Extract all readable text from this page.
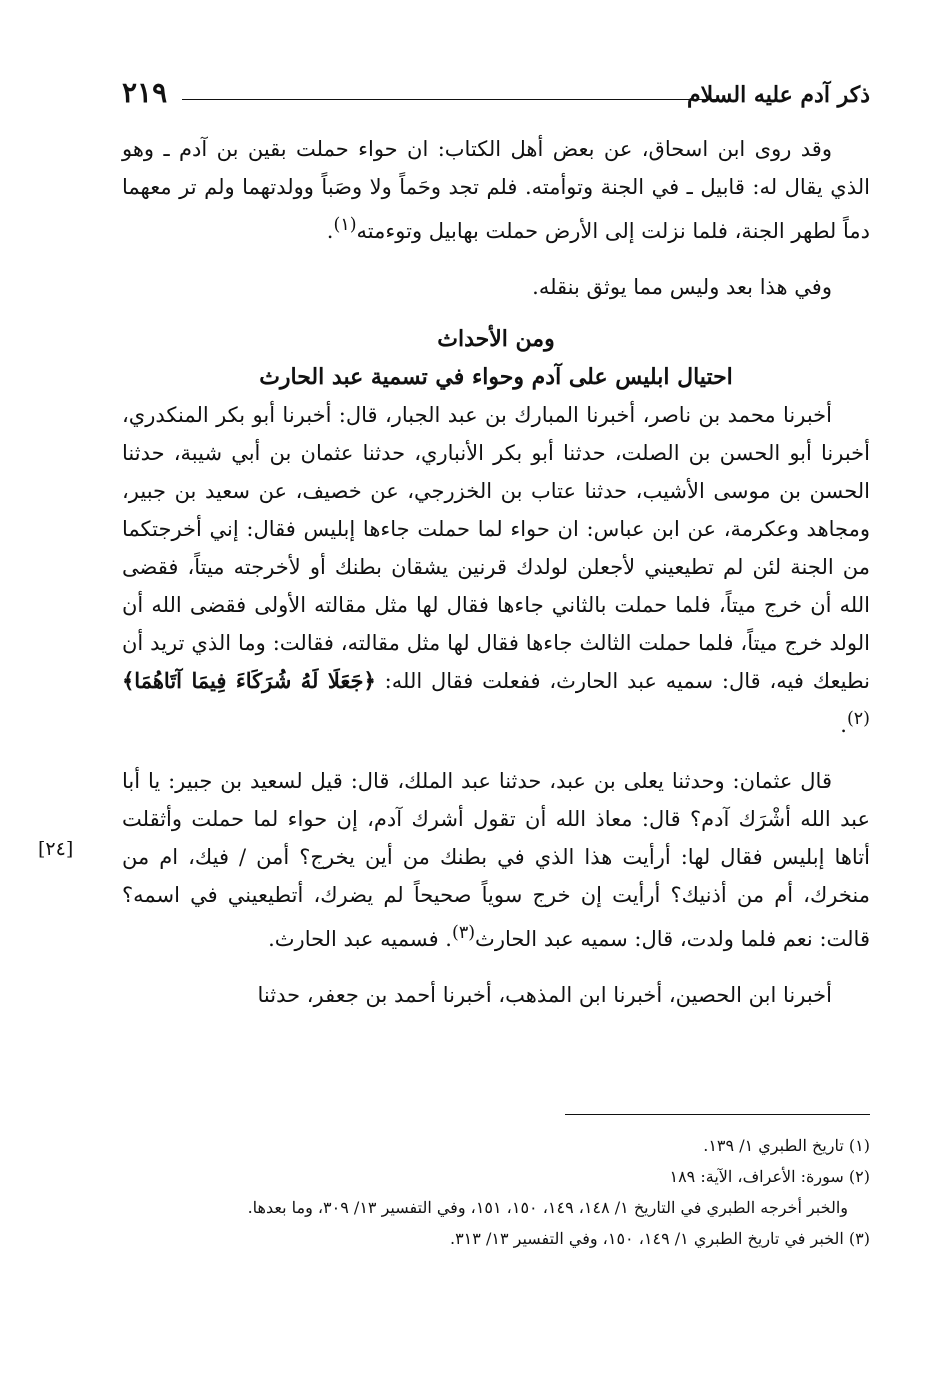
ذكر آدم عليه السلام
٢١٩

وقد روى ابن اسحاق، عن بعض أهل الكتاب: ان حواء حملت بقين بن آدم ـ وهو الذي يقال له: قابيل ـ في الجنة وتوأمته. فلم تجد وحَماً ولا وصَباً وولدتهما ولم تر معهما دماً لطهر الجنة، فلما نزلت إلى الأرض حملت بهابيل وتوءمته$^{(١)}$.

وفي هذا بعد وليس مما يوثق بنقله.

ومن الأحداث

احتيال ابليس على آدم وحواء في تسمية عبد الحارث

أخبرنا محمد بن ناصر، أخبرنا المبارك بن عبد الجبار، قال: أخبرنا أبو بكر المنكدري، أخبرنا أبو الحسن بن الصلت، حدثنا أبو بكر الأنباري، حدثنا عثمان بن أبي شيبة، حدثنا الحسن بن موسى الأشيب، حدثنا عتاب بن الخزرجي، عن خصيف، عن سعيد بن جبير، ومجاهد وعكرمة، عن ابن عباس: ان حواء لما حملت جاءها إبليس فقال: إني أخرجتكما من الجنة لئن لم تطيعيني لأجعلن لولدك قرنين يشقان بطنك أو لأخرجته ميتاً، فقضى الله أن خرج ميتاً، فلما حملت بالثاني جاءها فقال لها مثل مقالته الأولى فقضى الله أن الولد خرج ميتاً، فلما حملت الثالث جاءها فقال لها مثل مقالته، فقالت: وما الذي تريد أن نطيعك فيه، قال: سميه عبد الحارث، ففعلت فقال الله: ﴿جَعَلَا لَهُ شُرَكَاءَ فِيمَا آتَاهُمَا﴾$^{(٢)}$.

[٢٤]

قال عثمان: وحدثنا يعلى بن عبد، حدثنا عبد الملك، قال: قيل لسعيد بن جبير: يا أبا عبد الله أشْرَك آدم؟ قال: معاذ الله أن تقول أشرك آدم، إن حواء لما حملت وأثقلت أتاها إبليس فقال لها: أرأيت هذا الذي في بطنك من أين يخرج؟ أمن / فيك، ام من منخرك، أم من أذنيك؟ أرأيت إن خرج سوياً صحيحاً لم يضرك، أتطيعيني في اسمه؟ قالت: نعم فلما ولدت، قال: سميه عبد الحارث$^{(٣)}$. فسميه عبد الحارث.

أخبرنا ابن الحصين، أخبرنا ابن المذهب، أخبرنا أحمد بن جعفر، حدثنا

(١) تاريخ الطبري ١/ ١٣٩.

(٢) سورة: الأعراف، الآية: ١٨٩

والخبر أخرجه الطبري في التاريخ ١/ ١٤٨، ١٤٩، ١٥٠، ١٥١، وفي التفسير ١٣/ ٣٠٩، وما بعدها.

(٣) الخبر في تاريخ الطبري ١/ ١٤٩، ١٥٠، وفي التفسير ١٣/ ٣١٣.
